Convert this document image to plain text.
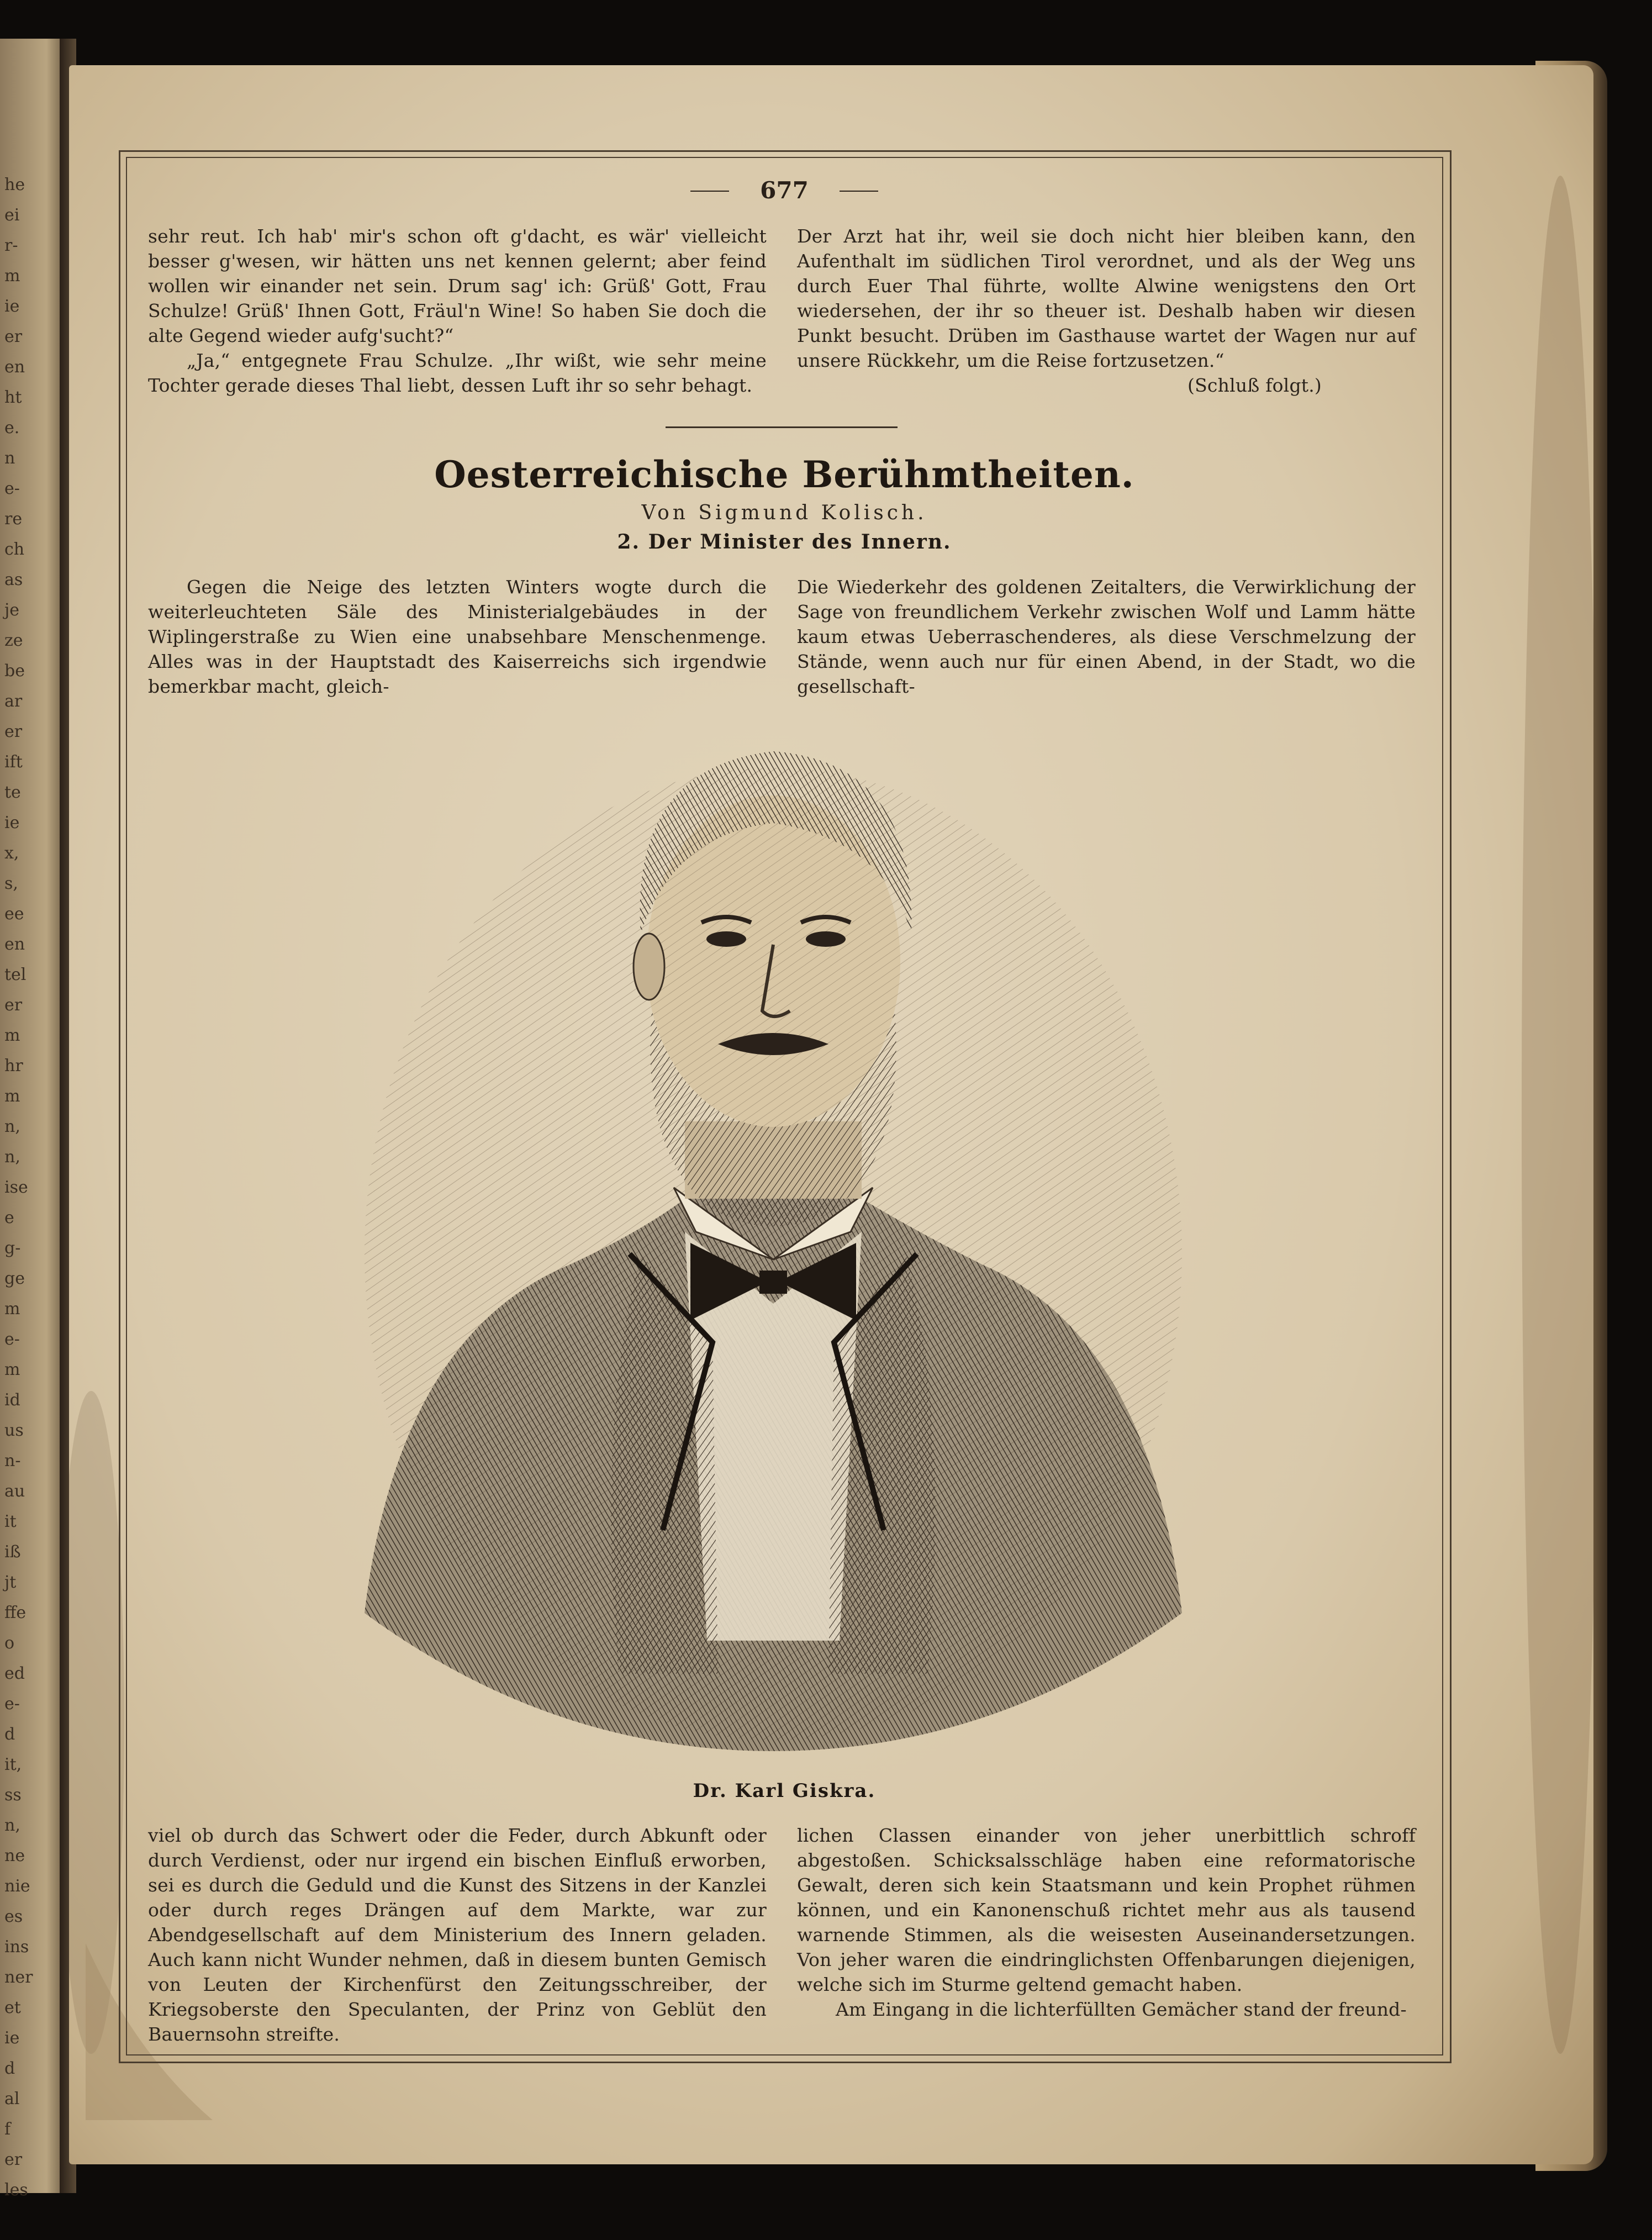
he
ei
r-
m
ie
er
en
ht
e.
n
e-
re
ch
as
je
ze
be
ar
er
ift
te
ie
x,
s,
ee
en
tel
er
m
hr
m
n,
n,
ise
e
g-
ge
m
e-
m
id
us
n-
au
it
iß
jt
ffe
o
ed
e-
d
it,
ss
n,
ne
nie
es
ins
ner
et
ie
d
al
f
er
les
677

sehr reut. Ich hab' mir's schon oft g'dacht, es wär' vielleicht besser g'wesen, wir hätten uns net kennen gelernt; aber feind wollen wir einander net sein. Drum sag' ich: Grüß' Gott, Frau Schulze! Grüß' Ihnen Gott, Fräul'n Wine! So haben Sie doch die alte Gegend wieder aufg'sucht?“

„Ja,“ entgegnete Frau Schulze. „Ihr wißt, wie sehr meine Tochter gerade dieses Thal liebt, dessen Luft ihr so sehr behagt.

Der Arzt hat ihr, weil sie doch nicht hier bleiben kann, den Aufenthalt im südlichen Tirol verordnet, und als der Weg uns durch Euer Thal führte, wollte Alwine wenigstens den Ort wiedersehen, der ihr so theuer ist. Deshalb haben wir diesen Punkt besucht. Drüben im Gasthause wartet der Wagen nur auf unsere Rückkehr, um die Reise fortzusetzen.“

(Schluß folgt.)

Oesterreichische Berühmtheiten.
Von Sigmund Kolisch.
2. Der Minister des Innern.

Gegen die Neige des letzten Winters wogte durch die weiterleuchteten Säle des Ministerialgebäudes in der Wiplingerstraße zu Wien eine unabsehbare Menschenmenge. Alles was in der Hauptstadt des Kaiserreichs sich irgendwie bemerkbar macht, gleich-

Die Wiederkehr des goldenen Zeitalters, die Verwirklichung der Sage von freundlichem Verkehr zwischen Wolf und Lamm hätte kaum etwas Ueberraschenderes, als diese Verschmelzung der Stände, wenn auch nur für einen Abend, in der Stadt, wo die gesellschaft-

Dr. Karl Giskra.

viel ob durch das Schwert oder die Feder, durch Abkunft oder durch Verdienst, oder nur irgend ein bischen Einfluß erworben, sei es durch die Geduld und die Kunst des Sitzens in der Kanzlei oder durch reges Drängen auf dem Markte, war zur Abendgesellschaft auf dem Ministerium des Innern geladen. Auch kann nicht Wunder nehmen, daß in diesem bunten Gemisch von Leuten der Kirchenfürst den Zeitungsschreiber, der Kriegsoberste den Speculanten, der Prinz von Geblüt den Bauernsohn streifte.

lichen Classen einander von jeher unerbittlich schroff abgestoßen. Schicksalsschläge haben eine reformatorische Gewalt, deren sich kein Staatsmann und kein Prophet rühmen können, und ein Kanonenschuß richtet mehr aus als tausend warnende Stimmen, als die weisesten Auseinandersetzungen. Von jeher waren die eindringlichsten Offenbarungen diejenigen, welche sich im Sturme geltend gemacht haben.

Am Eingang in die lichterfüllten Gemächer stand der freund-
